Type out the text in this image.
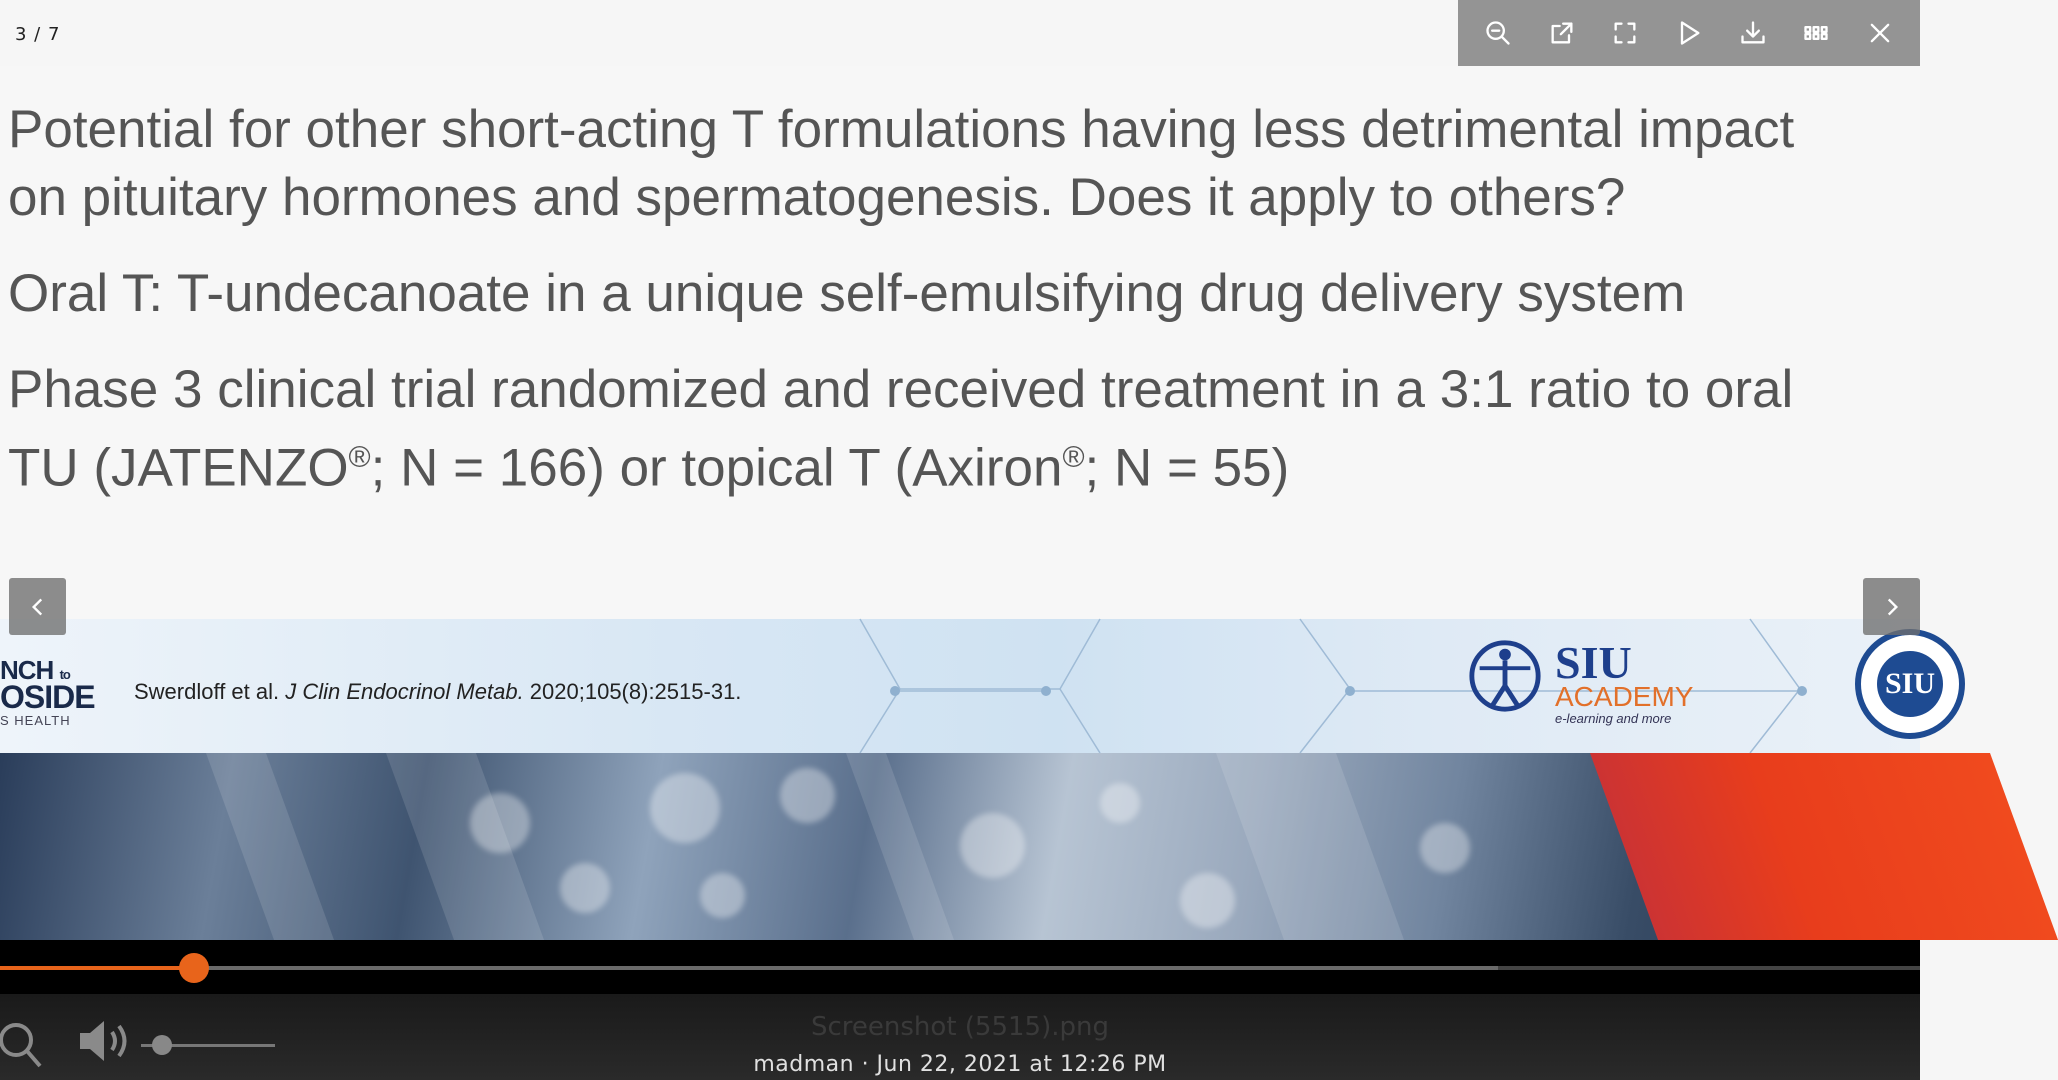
3 / 7
Potential for other short-acting T formulations having less detrimental impact
on pituitary hormones and spermatogenesis. Does it apply to others?
Oral T: T-undecanoate in a unique self-emulsifying drug delivery system
Phase 3 clinical trial randomized and received treatment in a 3:1 ratio to oral
TU (JATENZO®; N = 166) or topical T (Axiron®; N = 55)
NCH to
OSIDE
S HEALTH
Swerdloff et al. J Clin Endocrinol Metab. 2020;105(8):2515-31.
SIU
ACADEMY
e-learning and more
SIU
Screenshot (5515).png
madman · Jun 22, 2021 at 12:26 PM
